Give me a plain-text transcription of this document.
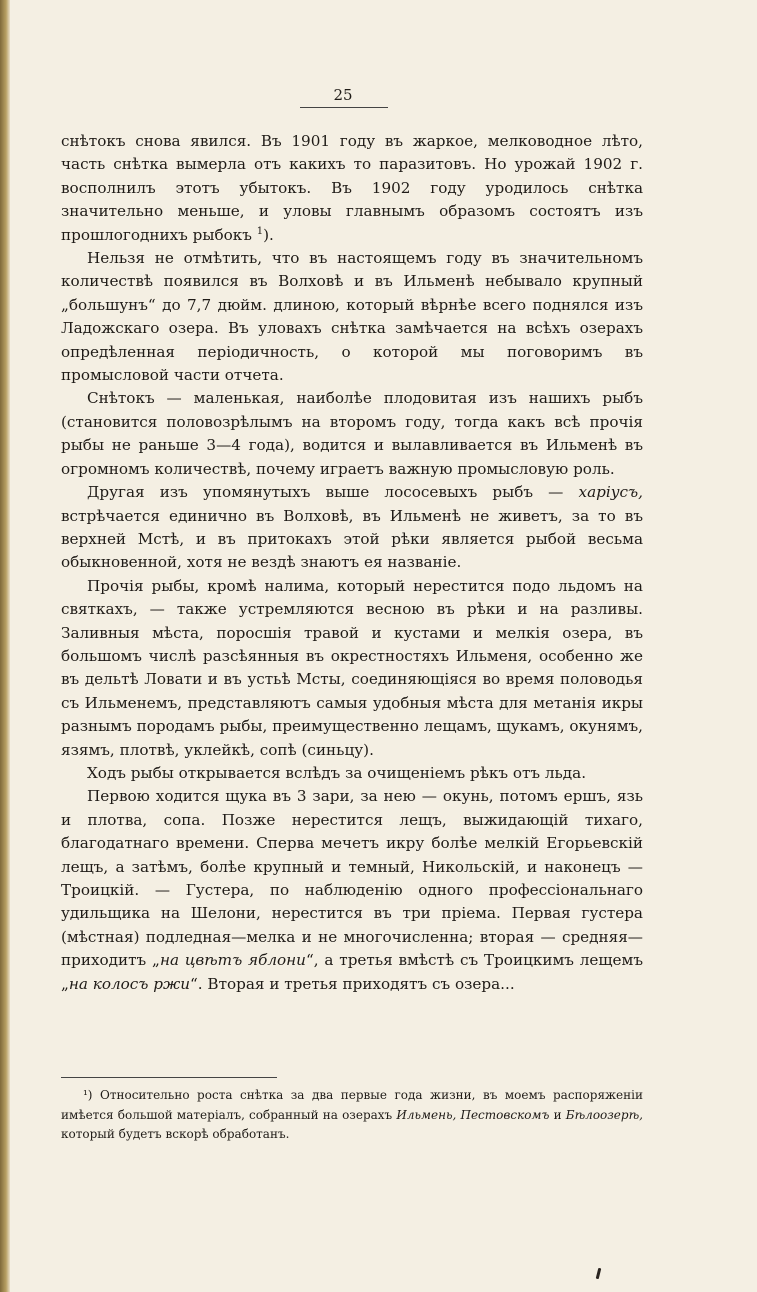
25

снѣтокъ снова явился. Въ 1901 году въ жаркое, мелководное лѣто, часть снѣтка вымерла отъ какихъ то паразитовъ. Но урожай 1902 г. восполнилъ этотъ убытокъ. Въ 1902 году уродилось снѣтка значительно меньше, и уловы главнымъ образомъ состоятъ изъ прошлогоднихъ рыбокъ $^1$).

Нельзя не отмѣтить, что въ настоящемъ году въ значительномъ количествѣ появился въ Волховѣ и въ Ильменѣ небывало крупный „большунъ“ до 7,7 дюйм. длиною, который вѣрнѣе всего поднялся изъ Ладожскаго озера. Въ уловахъ снѣтка замѣчается на всѣхъ озерахъ опредѣленная періодичность, о которой мы поговоримъ въ промысловой части отчета.

Снѣтокъ — маленькая, наиболѣе плодовитая изъ нашихъ рыбъ (становится половозрѣлымъ на второмъ году, тогда какъ всѣ прочія рыбы не раньше 3—4 года), водится и вылавливается въ Ильменѣ въ огромномъ количествѣ, почему играетъ важную промысловую роль.

Другая изъ упомянутыхъ выше лососевыхъ рыбъ — харіусъ, встрѣчается единично въ Волховѣ, въ Ильменѣ не живетъ, за то въ верхней Мстѣ, и въ притокахъ этой рѣки является рыбой весьма обыкновенной, хотя не вездѣ знаютъ ея названіе.

Прочія рыбы, кромѣ налима, который нерестится подо льдомъ на святкахъ, — также устремляются весною въ рѣки и на разливы. Заливныя мѣста, поросшія травой и кустами и мелкія озера, въ большомъ числѣ разсѣянныя въ окрестностяхъ Ильменя, особенно же въ дельтѣ Ловати и въ устьѣ Мсты, соединяющіяся во время половодья съ Ильменемъ, представляютъ самыя удобныя мѣста для метанія икры разнымъ породамъ рыбы, преимущественно лещамъ, щукамъ, окунямъ, язямъ, плотвѣ, уклейкѣ, сопѣ (синьцу).

Ходъ рыбы открывается вслѣдъ за очищеніемъ рѣкъ отъ льда.

Первою ходится щука въ 3 зари, за нею — окунь, потомъ ершъ, язь и плотва, сопа. Позже нерестится лещъ, выжидающій тихаго, благодатнаго времени. Сперва мечетъ икру болѣе мелкій Егорьевскій лещъ, а затѣмъ, болѣе крупный и темный, Никольскій, и наконецъ — Троицкій. — Густера, по наблюденію одного профессіональнаго удильщика на Шелони, нерестится въ три пріема. Первая густера (мѣстная) подледная—мелка и не многочисленна; вторая — средняя—приходитъ „на цвѣтъ яблони“, а третья вмѣстѣ съ Троицкимъ лещемъ „на колосъ ржи“. Вторая и третья приходятъ съ озера...

¹) Относительно роста снѣтка за два первые года жизни, въ моемъ распоряженіи имѣется большой матеріалъ, собранный на озерахъ Ильмень, Пестовскомъ и Бѣлоозерѣ, который будетъ вскорѣ обработанъ.
